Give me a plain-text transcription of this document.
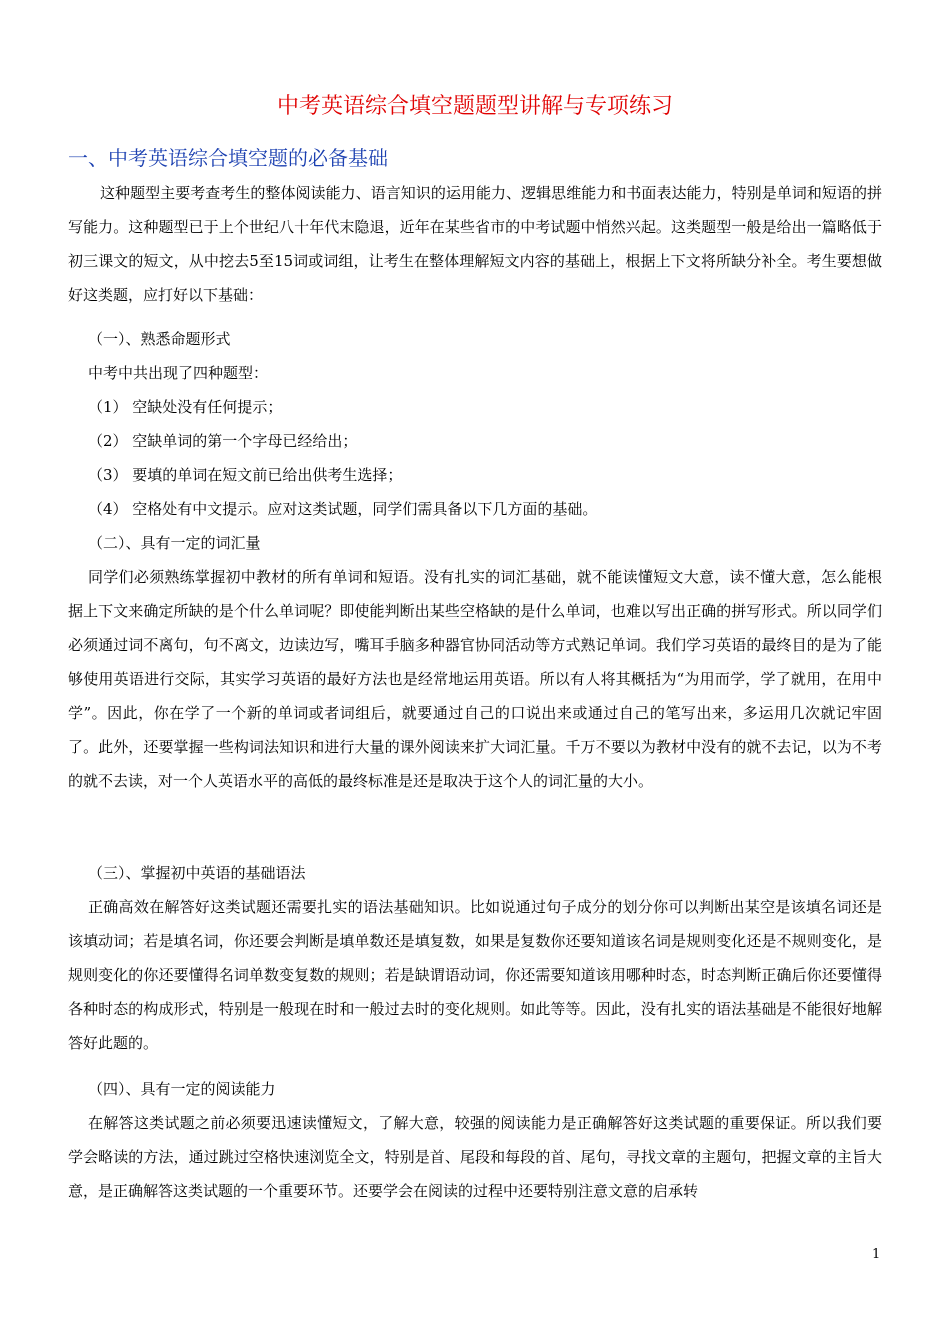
中考英语综合填空题题型讲解与专项练习
一、中考英语综合填空题的必备基础
这种题型主要考查考生的整体阅读能力、语言知识的运用能力、逻辑思维能力和书面表达能力，特别是单词和短语的拼写能力。这种题型已于上个世纪八十年代末隐退，近年在某些省市的中考试题中悄然兴起。这类题型一般是给出一篇略低于初三课文的短文，从中挖去5至15词或词组，让考生在整体理解短文内容的基础上，根据上下文将所缺分补全。考生要想做好这类题，应打好以下基础：
（一）、熟悉命题形式
中考中共出现了四种题型：
（1） 空缺处没有任何提示；
（2） 空缺单词的第一个字母已经给出；
（3） 要填的单词在短文前已给出供考生选择；
（4） 空格处有中文提示。应对这类试题，同学们需具备以下几方面的基础。
（二）、具有一定的词汇量
同学们必须熟练掌握初中教材的所有单词和短语。没有扎实的词汇基础，就不能读懂短文大意，读不懂大意，怎么能根据上下文来确定所缺的是个什么单词呢？即使能判断出某些空格缺的是什么单词，也难以写出正确的拼写形式。所以同学们必须通过词不离句，句不离文，边读边写，嘴耳手脑多种器官协同活动等方式熟记单词。我们学习英语的最终目的是为了能够使用英语进行交际，其实学习英语的最好方法也是经常地运用英语。所以有人将其概括为“为用而学，学了就用，在用中学”。因此，你在学了一个新的单词或者词组后，就要通过自己的口说出来或通过自己的笔写出来，多运用几次就记牢固了。此外，还要掌握一些构词法知识和进行大量的课外阅读来扩大词汇量。千万不要以为教材中没有的就不去记，以为不考的就不去读，对一个人英语水平的高低的最终标准是还是取决于这个人的词汇量的大小。
（三）、掌握初中英语的基础语法
正确高效在解答好这类试题还需要扎实的语法基础知识。比如说通过句子成分的划分你可以判断出某空是该填名词还是该填动词；若是填名词，你还要会判断是填单数还是填复数，如果是复数你还要知道该名词是规则变化还是不规则变化，是规则变化的你还要懂得名词单数变复数的规则；若是缺谓语动词，你还需要知道该用哪种时态，时态判断正确后你还要懂得各种时态的构成形式，特别是一般现在时和一般过去时的变化规则。如此等等。因此，没有扎实的语法基础是不能很好地解答好此题的。
（四）、具有一定的阅读能力
在解答这类试题之前必须要迅速读懂短文，了解大意，较强的阅读能力是正确解答好这类试题的重要保证。所以我们要学会略读的方法，通过跳过空格快速浏览全文，特别是首、尾段和每段的首、尾句，寻找文章的主题句，把握文章的主旨大意，是正确解答这类试题的一个重要环节。还要学会在阅读的过程中还要特别注意文意的启承转
1
